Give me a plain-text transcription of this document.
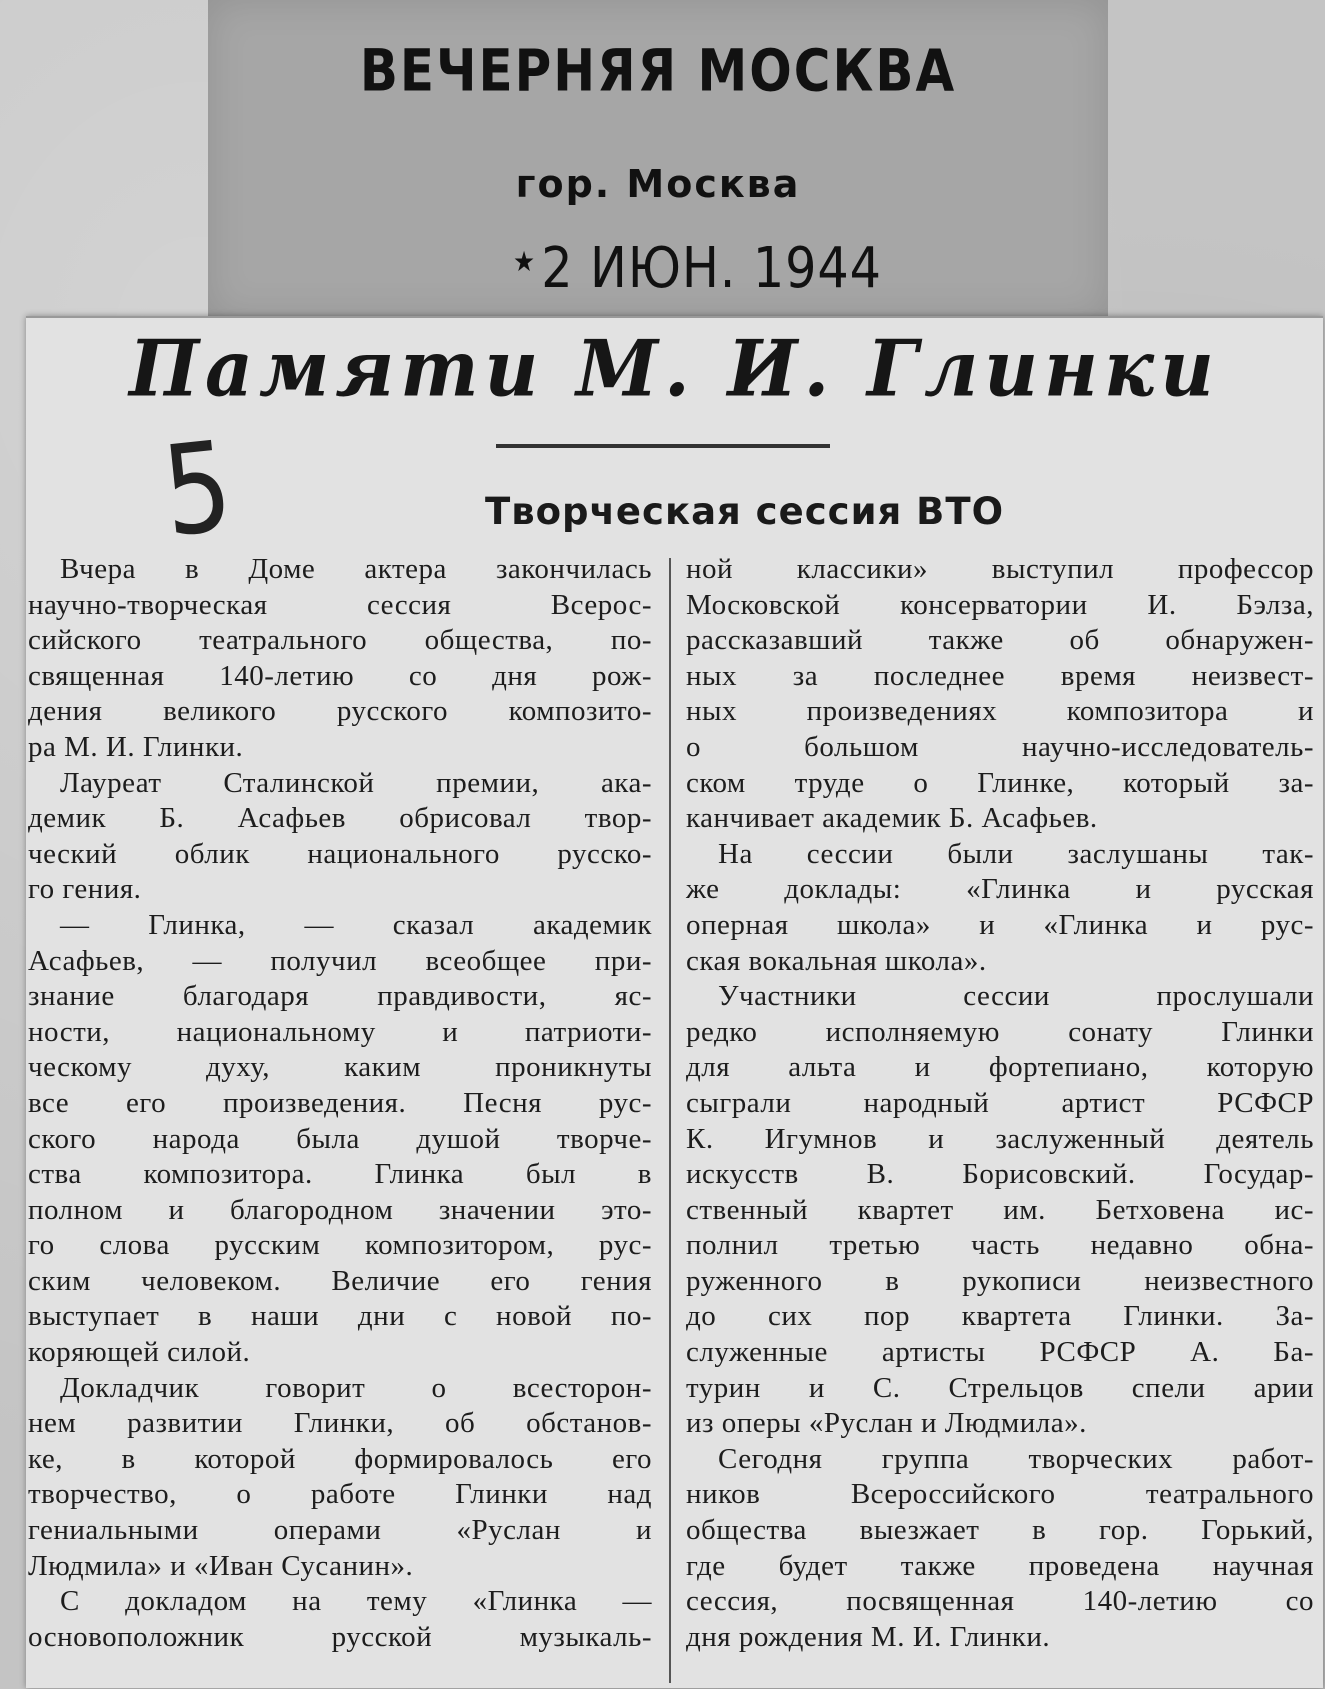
ВЕЧЕРНЯЯ МОСКВА
гор. Москва
★2 ИЮН. 1944
Памяти М. И. Глинки
5	Творческая сессия ВТО
Вчера в Доме актера закончилась
научно-творческая сессия Всерос-
сийского театрального общества, по-
священная 140-летию со дня рож-
дения великого русского композито-
ра М. И. Глинки.
Лауреат Сталинской премии, ака-
демик Б. Асафьев обрисовал твор-
ческий облик национального русско-
го гения.
— Глинка, — сказал академик
Асафьев, — получил всеобщее при-
знание благодаря правдивости, яс-
ности, национальному и патриоти-
ческому духу, каким проникнуты
все его произведения. Песня рус-
ского народа была душой творче-
ства композитора. Глинка был в
полном и благородном значении это-
го слова русским композитором, рус-
ским человеком. Величие его гения
выступает в наши дни с новой по-
коряющей силой.
Докладчик говорит о всесторон-
нем развитии Глинки, об обстанов-
ке, в которой формировалось его
творчество, о работе Глинки над
гениальными операми «Руслан и
Людмила» и «Иван Сусанин».
С докладом на тему «Глинка —
основоположник русской музыкаль-
ной классики» выступил профессор
Московской консерватории И. Бэлза,
рассказавший также об обнаружен-
ных за последнее время неизвест-
ных произведениях композитора и
о большом научно-исследователь-
ском труде о Глинке, который за-
канчивает академик Б. Асафьев.
На сессии были заслушаны так-
же доклады: «Глинка и русская
оперная школа» и «Глинка и рус-
ская вокальная школа».
Участники сессии прослушали
редко исполняемую сонату Глинки
для альта и фортепиано, которую
сыграли народный артист РСФСР
К. Игумнов и заслуженный деятель
искусств В. Борисовский. Государ-
ственный квартет им. Бетховена ис-
полнил третью часть недавно обна-
руженного в рукописи неизвестного
до сих пор квартета Глинки. За-
служенные артисты РСФСР А. Ба-
турин и С. Стрельцов спели арии
из оперы «Руслан и Людмила».
Сегодня группа творческих работ-
ников Всероссийского театрального
общества выезжает в гор. Горький,
где будет также проведена научная
сессия, посвященная 140-летию со
дня рождения М. И. Глинки.
